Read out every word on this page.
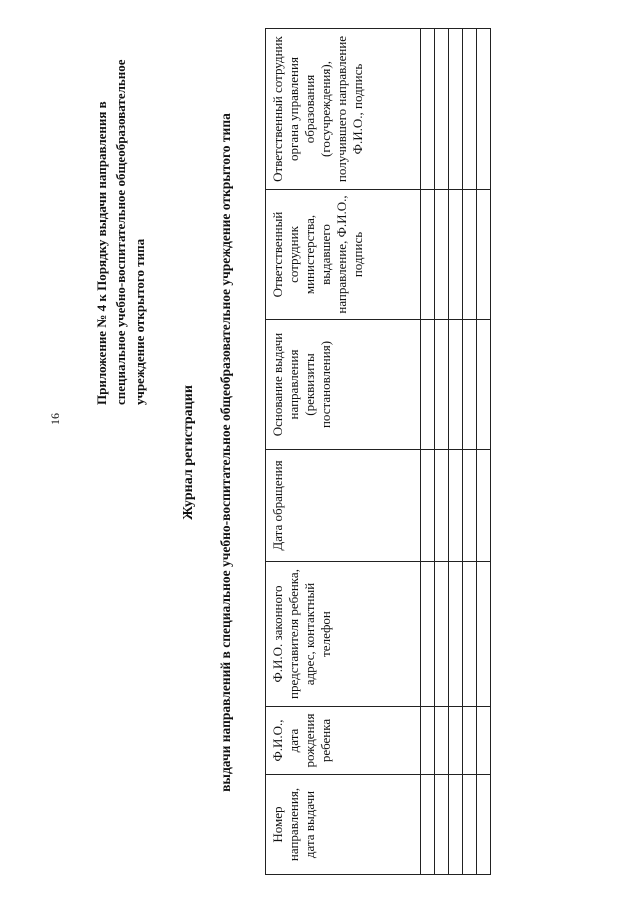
16
Приложение № 4 к Порядку выдачи направления в специальное учебно-воспитательное общеобразовательное учреждение открытого типа
Журнал регистрации выдачи направлений в специальное учебно-воспитательное общеобразовательное учреждение открытого типа
Номер направления, дата выдачи	Ф.И.О., дата рождения ребенка	Ф.И.О. законного представителя ребенка, адрес, контактный телефон	Дата обращения	Основание выдачи направления (реквизиты постановления)	Ответственный сотрудник министерства, выдавшего направление, Ф.И.О., подпись	Ответственный сотрудник органа управления образования (госучреждения), получившего направление Ф.И.О., подпись
